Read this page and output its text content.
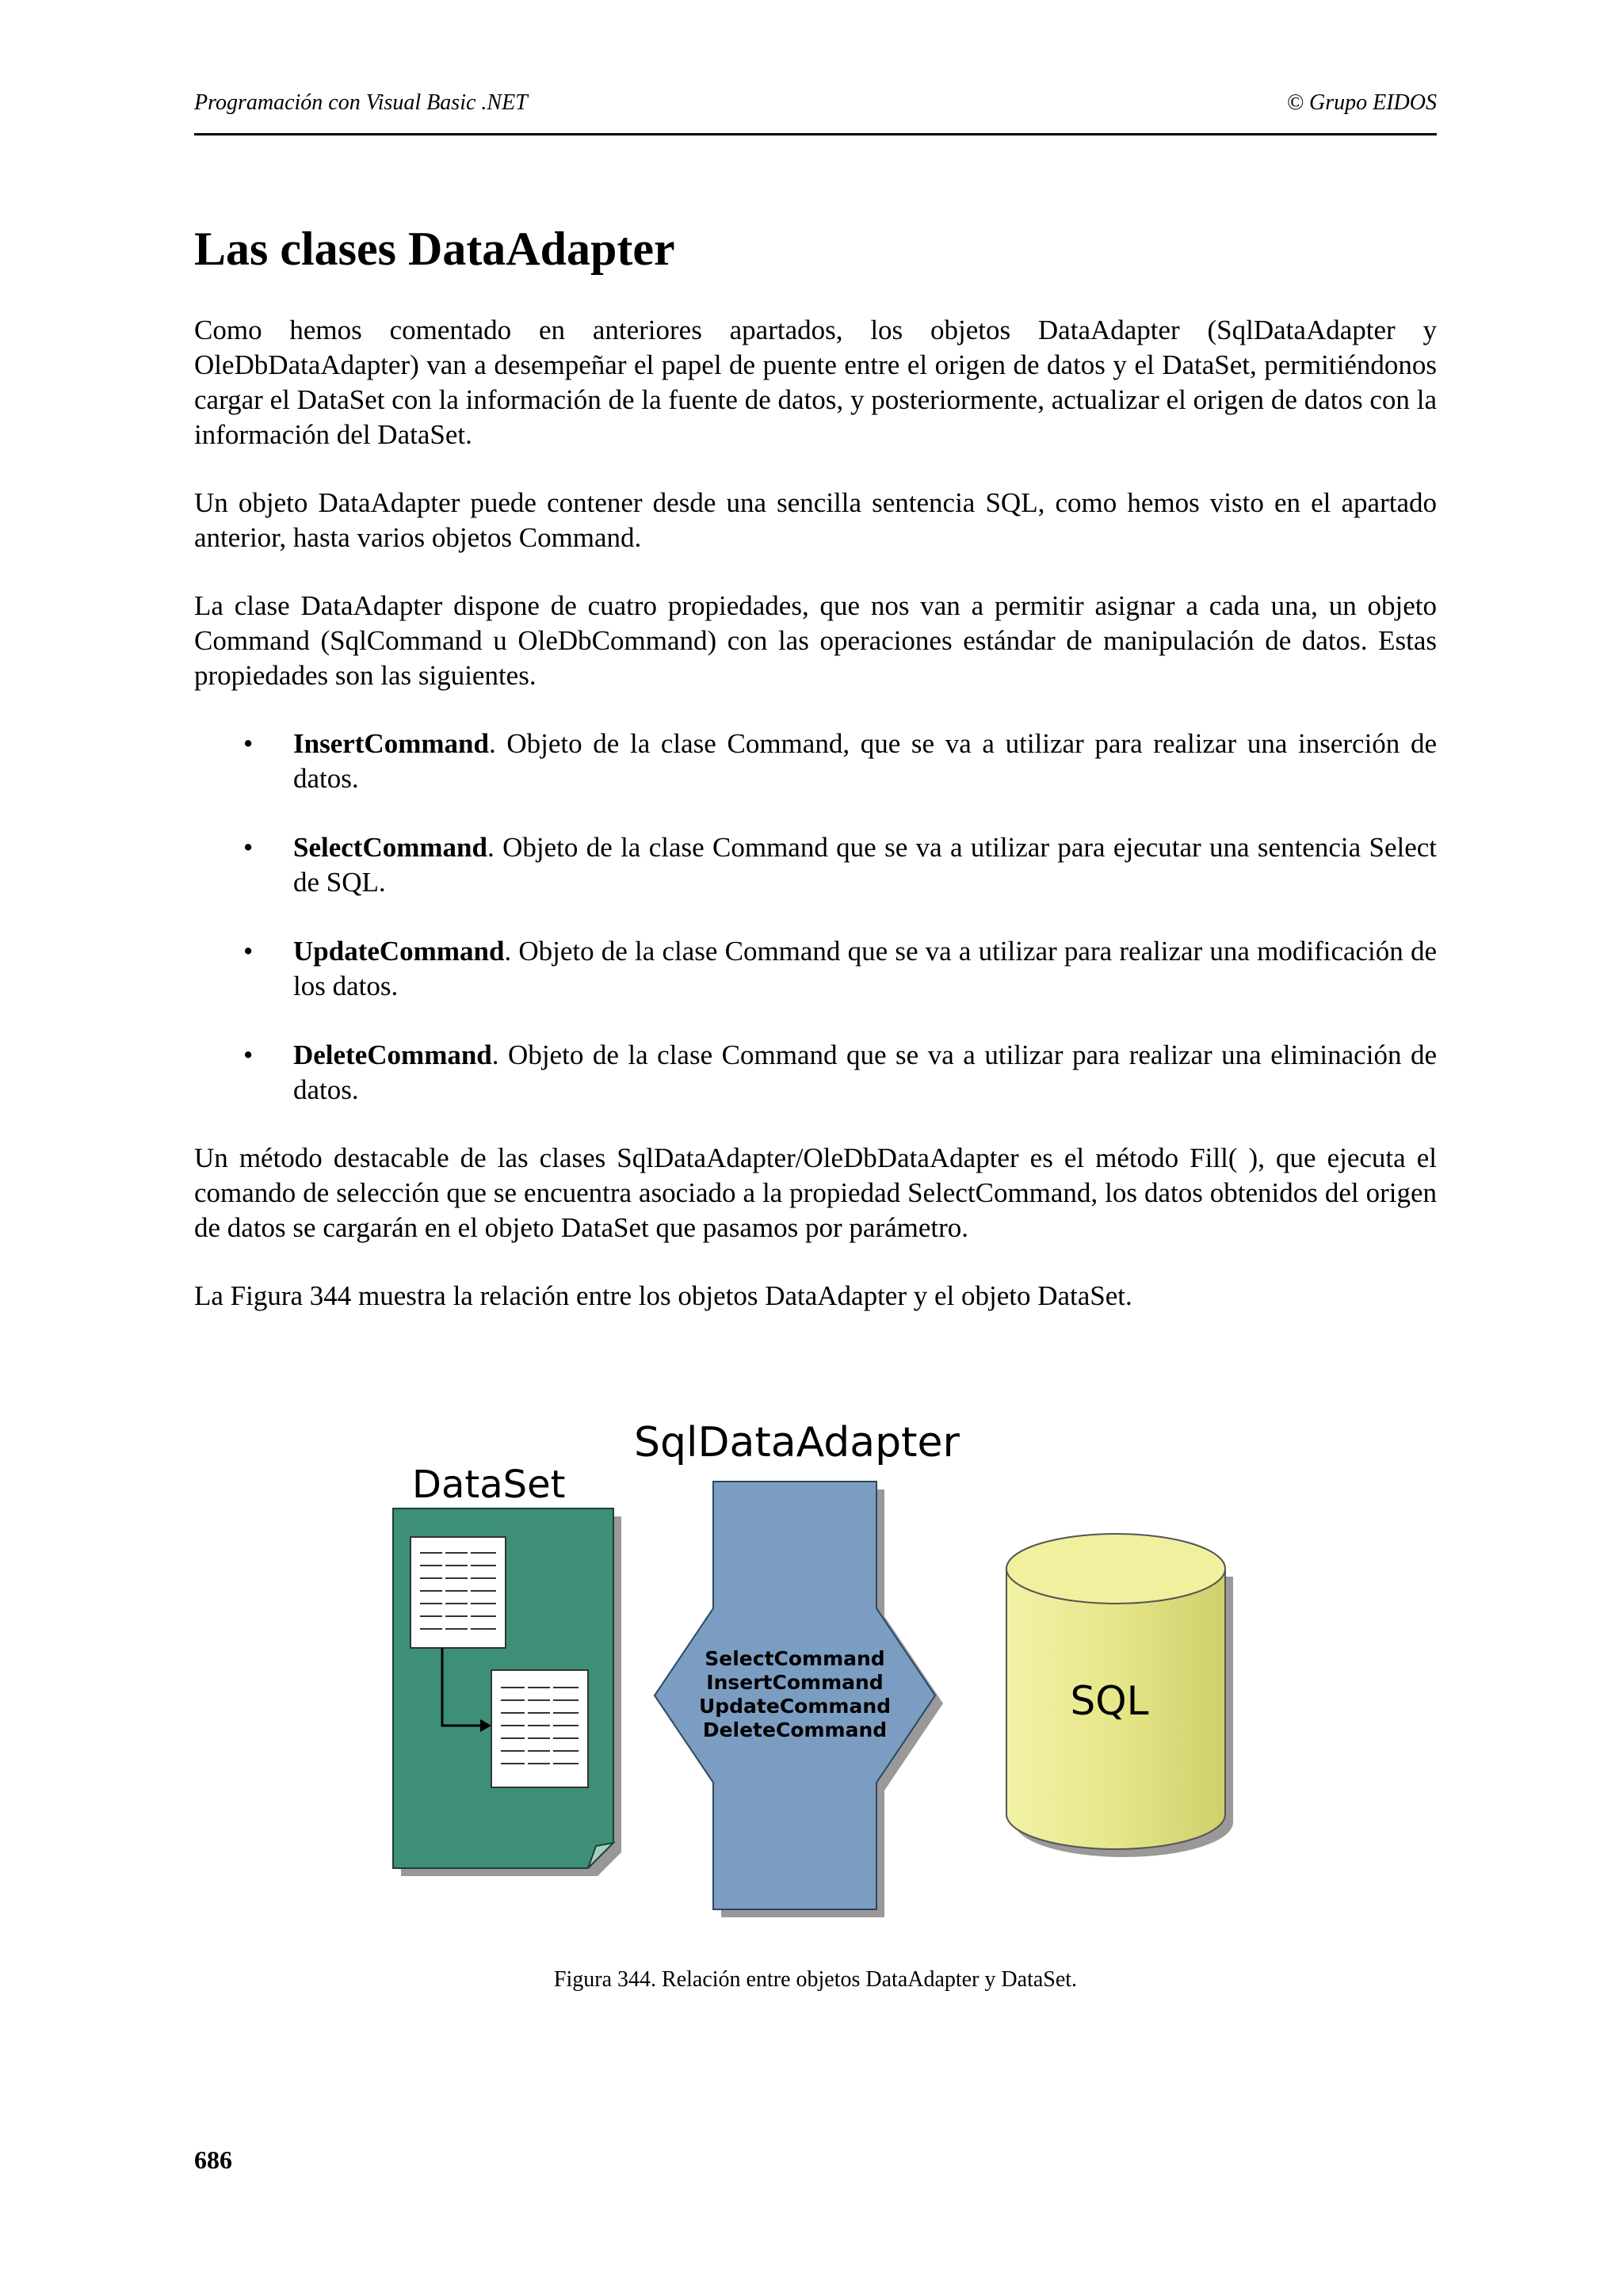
Programación con Visual Basic .NET	© Grupo EIDOS
Las clases DataAdapter

Como hemos comentado en anteriores apartados, los objetos DataAdapter (SqlDataAdapter y OleDbDataAdapter) van a desempeñar el papel de puente entre el origen de datos y el DataSet, permitiéndonos cargar el DataSet con la información de la fuente de datos, y posteriormente, actualizar el origen de datos con la información del DataSet.

Un objeto DataAdapter puede contener desde una sencilla sentencia SQL, como hemos visto en el apartado anterior, hasta varios objetos Command.

La clase DataAdapter dispone de cuatro propiedades, que nos van a permitir asignar a cada una, un objeto Command (SqlCommand u OleDbCommand) con las operaciones estándar de manipulación de datos. Estas propiedades son las siguientes.

• InsertCommand. Objeto de la clase Command, que se va a utilizar para realizar una inserción de datos.
• SelectCommand. Objeto de la clase Command que se va a utilizar para ejecutar una sentencia Select de SQL.
• UpdateCommand. Objeto de la clase Command que se va a utilizar para realizar una modificación de los datos.
• DeleteCommand. Objeto de la clase Command que se va a utilizar para realizar una eliminación de datos.

Un método destacable de las clases SqlDataAdapter/OleDbDataAdapter es el método Fill( ), que ejecuta el comando de selección que se encuentra asociado a la propiedad SelectCommand, los datos obtenidos del origen de datos se cargarán en el objeto DataSet que pasamos por parámetro.

La Figura 344 muestra la relación entre los objetos DataAdapter y el objeto DataSet.

DataSet
SqlDataAdapter
SelectCommand
InsertCommand
UpdateCommand
DeleteCommand
SQL
Figura 344. Relación entre objetos DataAdapter y DataSet.
686
